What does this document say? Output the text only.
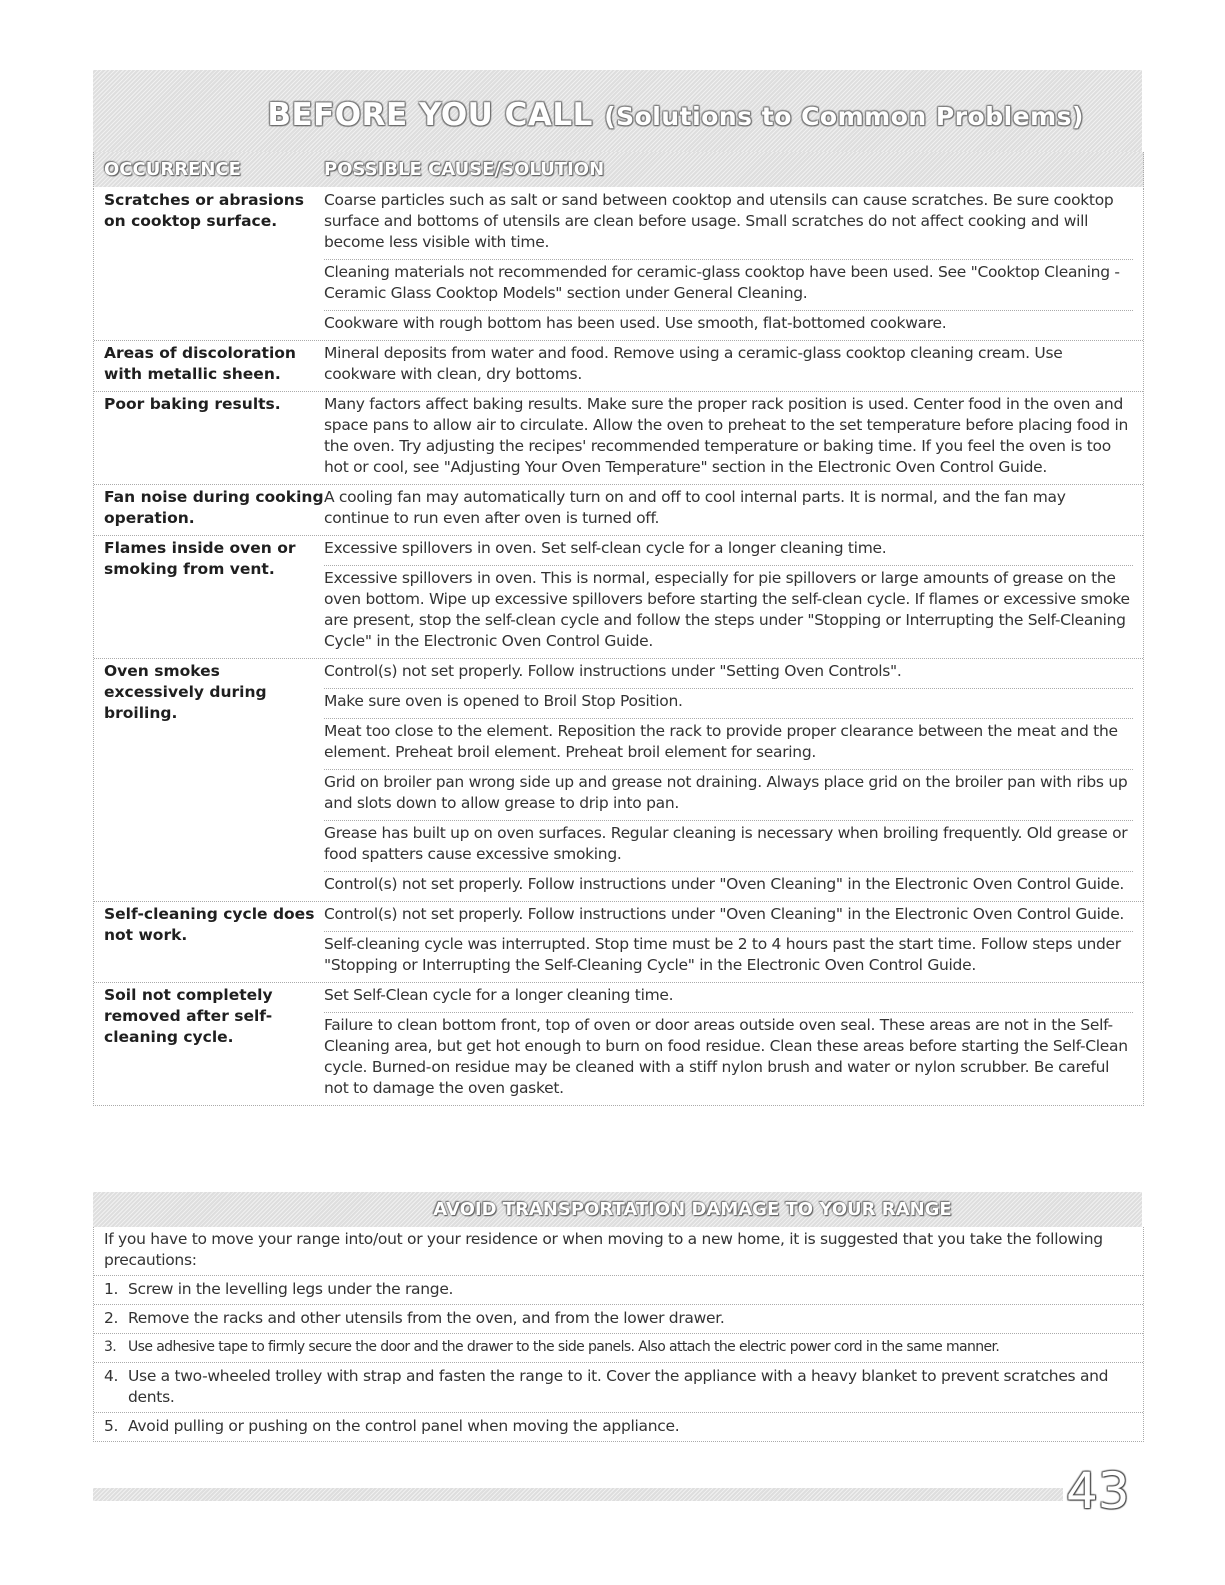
BEFORE YOU CALL (Solutions to Common Problems)
OCCURRENCE	POSSIBLE CAUSE/SOLUTION
Scratches or abrasions on cooktop surface.
Coarse particles such as salt or sand between cooktop and utensils can cause scratches. Be sure cooktop surface and bottoms of utensils are clean before usage. Small scratches do not affect cooking and will become less visible with time.
Cleaning materials not recommended for ceramic-glass cooktop have been used. See "Cooktop Cleaning - Ceramic Glass Cooktop Models" section under General Cleaning.
Cookware with rough bottom has been used. Use smooth, flat-bottomed cookware.
Areas of discoloration with metallic sheen.
Mineral deposits from water and food. Remove using a ceramic-glass cooktop cleaning cream. Use cookware with clean, dry bottoms.
Poor baking results.	Many factors affect baking results. Make sure the proper rack position is used. Center food in the oven and space pans to allow air to circulate. Allow the oven to preheat to the set temperature before placing food in the oven. Try adjusting the recipes' recommended temperature or baking time. If you feel the oven is too hot or cool, see "Adjusting Your Oven Temperature" section in the Electronic Oven Control Guide.
Fan noise during cooking operation.
A cooling fan may automatically turn on and off to cool internal parts. It is normal, and the fan may continue to run even after oven is turned off.
Flames inside oven or smoking from vent.
Excessive spillovers in oven. Set self-clean cycle for a longer cleaning time.
Excessive spillovers in oven. This is normal, especially for pie spillovers or large amounts of grease on the oven bottom. Wipe up excessive spillovers before starting the self-clean cycle. If flames or excessive smoke are present, stop the self-clean cycle and follow the steps under "Stopping or Interrupting the Self-Cleaning Cycle" in the Electronic Oven Control Guide.
Oven smokes excessively during broiling.
Control(s) not set properly. Follow instructions under "Setting Oven Controls".
Make sure oven is opened to Broil Stop Position.
Meat too close to the element. Reposition the rack to provide proper clearance between the meat and the element. Preheat broil element. Preheat broil element for searing.
Grid on broiler pan wrong side up and grease not draining. Always place grid on the broiler pan with ribs up and slots down to allow grease to drip into pan.
Grease has built up on oven surfaces. Regular cleaning is necessary when broiling frequently. Old grease or food spatters cause excessive smoking.
Control(s) not set properly. Follow instructions under "Oven Cleaning" in the Electronic Oven Control Guide.
Self-cleaning cycle does not work.
Control(s) not set properly. Follow instructions under "Oven Cleaning" in the Electronic Oven Control Guide.
Self-cleaning cycle was interrupted. Stop time must be 2 to 4 hours past the start time. Follow steps under "Stopping or Interrupting the Self-Cleaning Cycle" in the Electronic Oven Control Guide.
Soil not completely removed after self-cleaning cycle.
Set Self-Clean cycle for a longer cleaning time.
Failure to clean bottom front, top of oven or door areas outside oven seal. These areas are not in the Self-Cleaning area, but get hot enough to burn on food residue. Clean these areas before starting the Self-Clean cycle. Burned-on residue may be cleaned with a stiff nylon brush and water or nylon scrubber. Be careful not to damage the oven gasket.
AVOID TRANSPORTATION DAMAGE TO YOUR RANGE
If you have to move your range into/out or your residence or when moving to a new home, it is suggested that you take the following precautions:
1. Screw in the levelling legs under the range.
2. Remove the racks and other utensils from the oven, and from the lower drawer.
3. Use adhesive tape to firmly secure the door and the drawer to the side panels. Also attach the electric power cord in the same manner.
4. Use a two-wheeled trolley with strap and fasten the range to it. Cover the appliance with a heavy blanket to prevent scratches and dents.
5. Avoid pulling or pushing on the control panel when moving the appliance.
43
